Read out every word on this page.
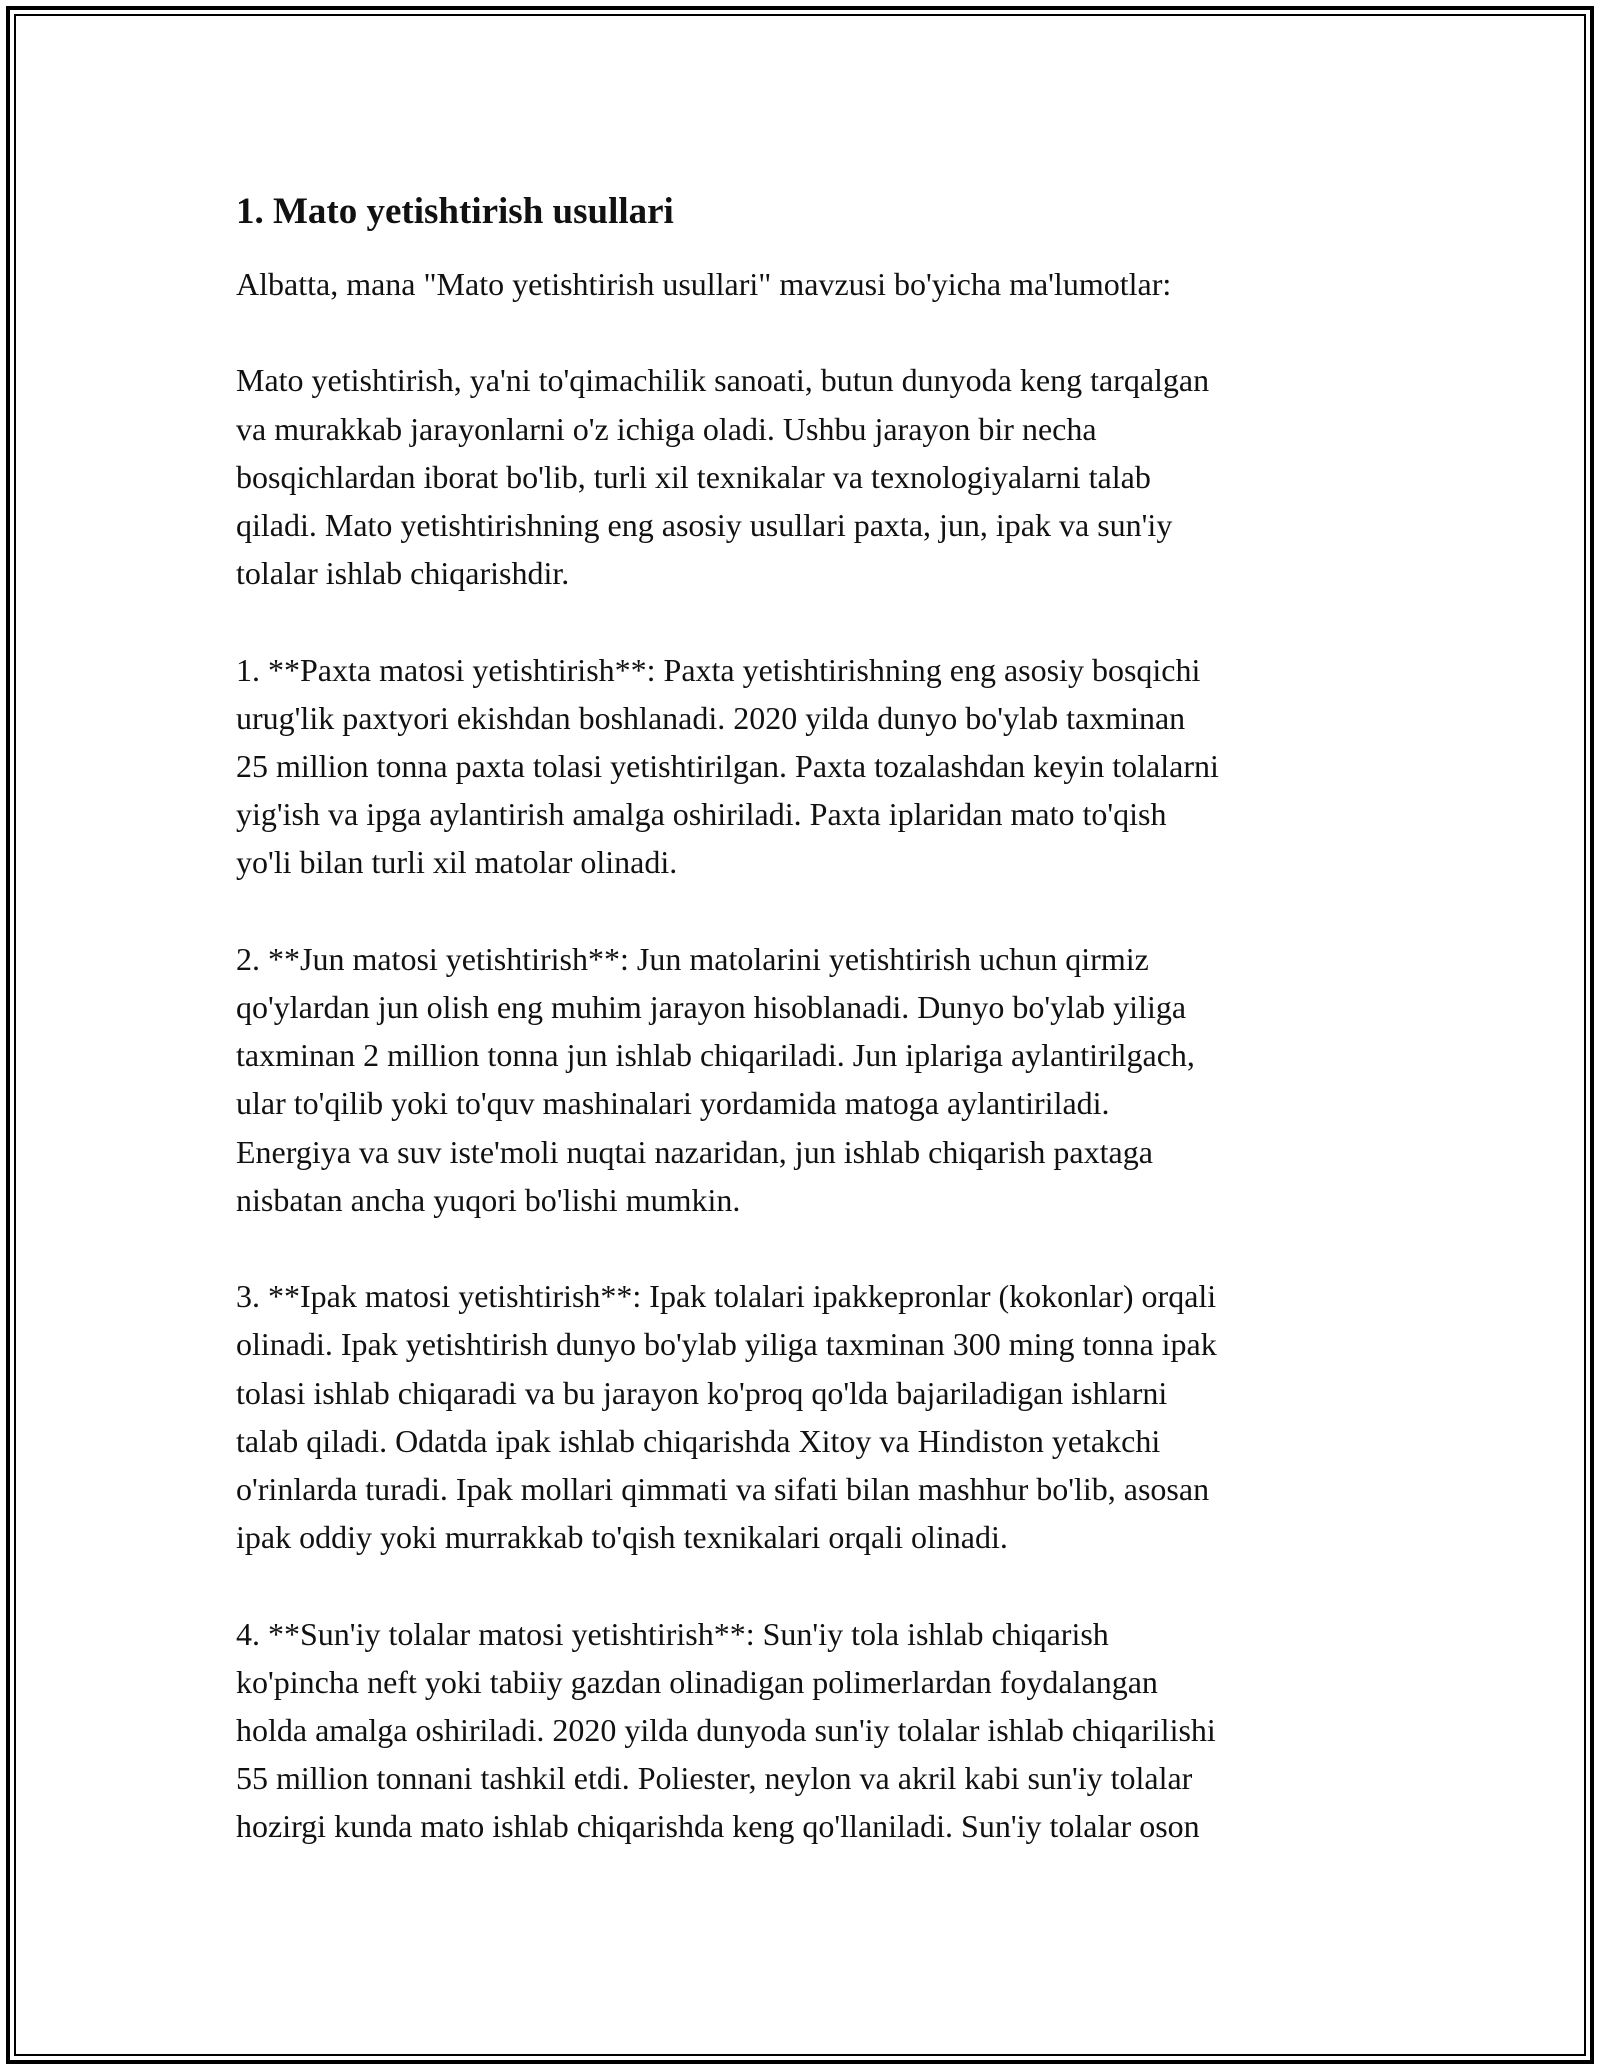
1. Mato yetishtirish usullari

Albatta, mana "Mato yetishtirish usullari" mavzusi bo'yicha ma'lumotlar:

Mato yetishtirish, ya'ni to'qimachilik sanoati, butun dunyoda keng tarqalgan
va murakkab jarayonlarni o'z ichiga oladi. Ushbu jarayon bir necha
bosqichlardan iborat bo'lib, turli xil texnikalar va texnologiyalarni talab
qiladi. Mato yetishtirishning eng asosiy usullari paxta, jun, ipak va sun'iy
tolalar ishlab chiqarishdir.

1. **Paxta matosi yetishtirish**: Paxta yetishtirishning eng asosiy bosqichi
urug'lik paxtyori ekishdan boshlanadi. 2020 yilda dunyo bo'ylab taxminan
25 million tonna paxta tolasi yetishtirilgan. Paxta tozalashdan keyin tolalarni
yig'ish va ipga aylantirish amalga oshiriladi. Paxta iplaridan mato to'qish
yo'li bilan turli xil matolar olinadi.

2. **Jun matosi yetishtirish**: Jun matolarini yetishtirish uchun qirmiz
qo'ylardan jun olish eng muhim jarayon hisoblanadi. Dunyo bo'ylab yiliga
taxminan 2 million tonna jun ishlab chiqariladi. Jun iplariga aylantirilgach,
ular to'qilib yoki to'quv mashinalari yordamida matoga aylantiriladi.
Energiya va suv iste'moli nuqtai nazaridan, jun ishlab chiqarish paxtaga
nisbatan ancha yuqori bo'lishi mumkin.

3. **Ipak matosi yetishtirish**: Ipak tolalari ipakkepronlar (kokonlar) orqali
olinadi. Ipak yetishtirish dunyo bo'ylab yiliga taxminan 300 ming tonna ipak
tolasi ishlab chiqaradi va bu jarayon ko'proq qo'lda bajariladigan ishlarni
talab qiladi. Odatda ipak ishlab chiqarishda Xitoy va Hindiston yetakchi
o'rinlarda turadi. Ipak mollari qimmati va sifati bilan mashhur bo'lib, asosan
ipak oddiy yoki murrakkab to'qish texnikalari orqali olinadi.

4. **Sun'iy tolalar matosi yetishtirish**: Sun'iy tola ishlab chiqarish
ko'pincha neft yoki tabiiy gazdan olinadigan polimerlardan foydalangan
holda amalga oshiriladi. 2020 yilda dunyoda sun'iy tolalar ishlab chiqarilishi
55 million tonnani tashkil etdi. Poliester, neylon va akril kabi sun'iy tolalar
hozirgi kunda mato ishlab chiqarishda keng qo'llaniladi. Sun'iy tolalar oson
